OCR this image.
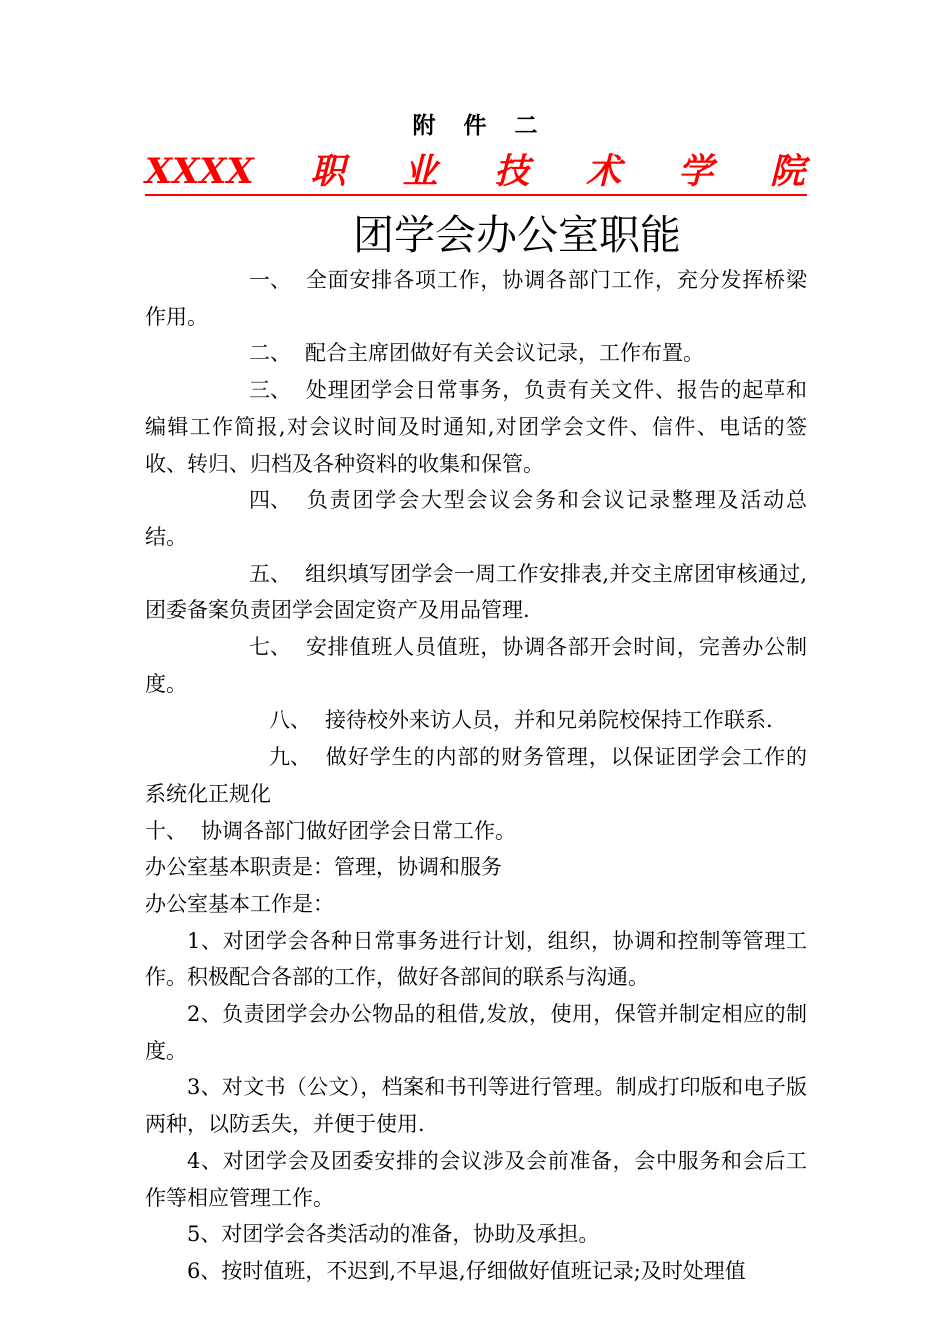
附件二
XXXX 职 业 技 术 学 院
团学会办公室职能

一、 全面安排各项工作，协调各部门工作，充分发挥桥梁作用。

二、 配合主席团做好有关会议记录，工作布置。

三、 处理团学会日常事务，负责有关文件、报告的起草和编辑工作简报,对会议时间及时通知,对团学会文件、信件、电话的签收、转归、归档及各种资料的收集和保管。

四、 负责团学会大型会议会务和会议记录整理及活动总结。

五、 组织填写团学会一周工作安排表,并交主席团审核通过,团委备案负责团学会固定资产及用品管理.

七、 安排值班人员值班，协调各部开会时间，完善办公制度。

八、 接待校外来访人员，并和兄弟院校保持工作联系.

九、 做好学生的内部的财务管理，以保证团学会工作的系统化正规化

十、 协调各部门做好团学会日常工作。

办公室基本职责是：管理，协调和服务

办公室基本工作是：

1、对团学会各种日常事务进行计划，组织，协调和控制等管理工作。积极配合各部的工作，做好各部间的联系与沟通。

2、负责团学会办公物品的租借,发放，使用，保管并制定相应的制度。

3、对文书（公文），档案和书刊等进行管理。制成打印版和电子版两种，以防丢失，并便于使用.

4、对团学会及团委安排的会议涉及会前准备，会中服务和会后工作等相应管理工作。

5、对团学会各类活动的准备，协助及承担。

6、按时值班，不迟到,不早退,仔细做好值班记录;及时处理值
